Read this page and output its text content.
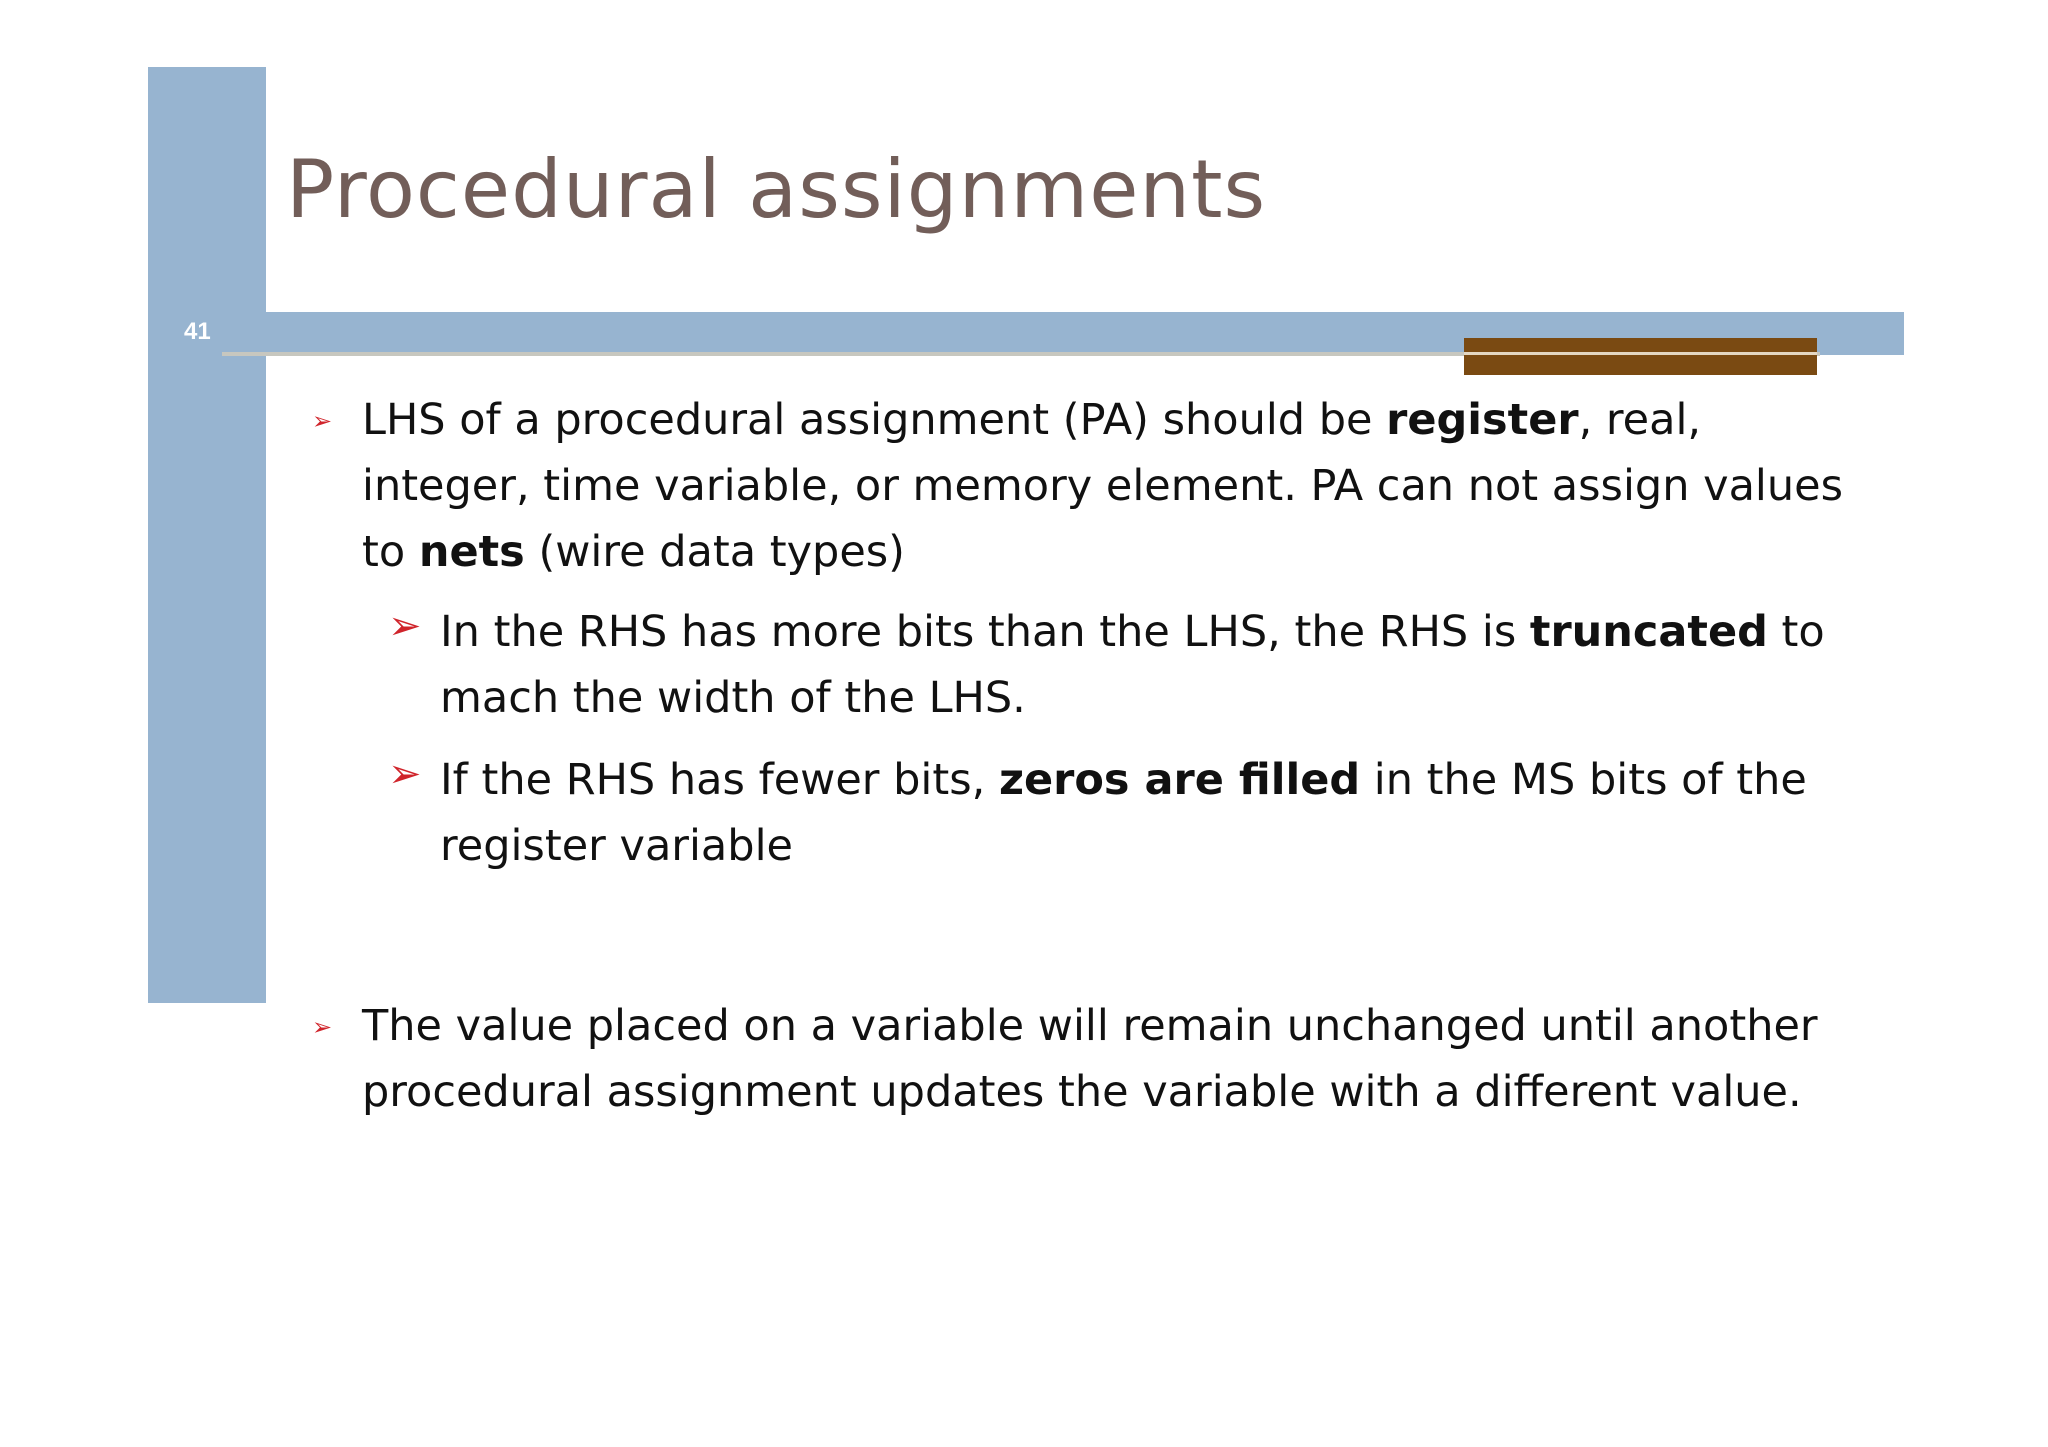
41
Procedural assignments
➢ LHS of a procedural assignment (PA) should be register, real, integer, time variable, or memory element. PA can not assign values to nets (wire data types)
➢ In the RHS has more bits than the LHS, the RHS is truncated to mach the width of the LHS.
➢ If the RHS has fewer bits, zeros are filled in the MS bits of the register variable
➢ The value placed on a variable will remain unchanged until another procedural assignment updates the variable with a different value.
